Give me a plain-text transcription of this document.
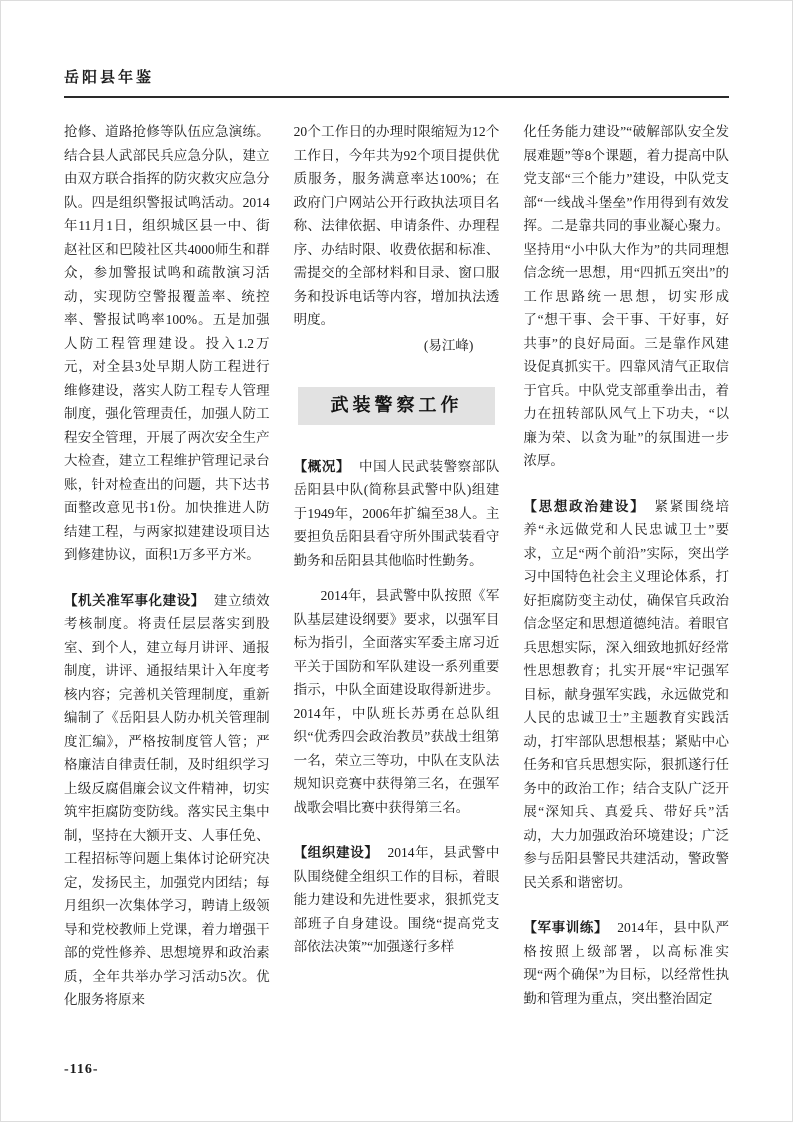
岳阳县年鉴

抢修、道路抢修等队伍应急演练。结合县人武部民兵应急分队，建立由双方联合指挥的防灾救灾应急分队。四是组织警报试鸣活动。2014年11月1日，组织城区县一中、街赵社区和巴陵社区共4000师生和群众，参加警报试鸣和疏散演习活动，实现防空警报覆盖率、统控率、警报试鸣率100%。五是加强人防工程管理建设。投入1.2万元，对全县3处早期人防工程进行维修建设，落实人防工程专人管理制度，强化管理责任，加强人防工程安全管理，开展了两次安全生产大检查，建立工程维护管理记录台账，针对检查出的问题，共下达书面整改意见书1份。加快推进人防结建工程，与两家拟建建设项目达到修建协议，面积1万多平方米。

【机关准军事化建设】 建立绩效考核制度。将责任层层落实到股室、到个人，建立每月讲评、通报制度，讲评、通报结果计入年度考核内容；完善机关管理制度，重新编制了《岳阳县人防办机关管理制度汇编》，严格按制度管人管；严格廉洁自律责任制，及时组织学习上级反腐倡廉会议文件精神，切实筑牢拒腐防变防线。落实民主集中制，坚持在大额开支、人事任免、工程招标等问题上集体讨论研究决定，发扬民主，加强党内团结；每月组织一次集体学习，聘请上级领导和党校教师上党课，着力增强干部的党性修养、思想境界和政治素质，全年共举办学习活动5次。优化服务将原来

20个工作日的办理时限缩短为12个工作日，今年共为92个项目提供优质服务，服务满意率达100%；在政府门户网站公开行政执法项目名称、法律依据、申请条件、办理程序、办结时限、收费依据和标准、需提交的全部材料和目录、窗口服务和投诉电话等内容，增加执法透明度。

(易江峰)

武装警察工作

【概况】 中国人民武装警察部队岳阳县中队(简称县武警中队)组建于1949年，2006年扩编至38人。主要担负岳阳县看守所外围武装看守勤务和岳阳县其他临时性勤务。

2014年，县武警中队按照《军队基层建设纲要》要求，以强军目标为指引，全面落实军委主席习近平关于国防和军队建设一系列重要指示，中队全面建设取得新进步。2014年，中队班长苏勇在总队组织“优秀四会政治教员”获战士组第一名，荣立三等功，中队在支队法规知识竞赛中获得第三名，在强军战歌会唱比赛中获得第三名。

【组织建设】 2014年，县武警中队围绕健全组织工作的目标，着眼能力建设和先进性要求，狠抓党支部班子自身建设。围绕“提高党支部依法决策”“加强遂行多样

化任务能力建设”“破解部队安全发展难题”等8个课题，着力提高中队党支部“三个能力”建设，中队党支部“一线战斗堡垒”作用得到有效发挥。二是靠共同的事业凝心聚力。坚持用“小中队大作为”的共同理想信念统一思想，用“四抓五突出”的工作思路统一思想，切实形成了“想干事、会干事、干好事，好共事”的良好局面。三是靠作风建设促真抓实干。四靠风清气正取信于官兵。中队党支部重拳出击，着力在扭转部队风气上下功夫，“以廉为荣、以贪为耻”的氛围进一步浓厚。

【思想政治建设】 紧紧围绕培养“永远做党和人民忠诚卫士”要求，立足“两个前沿”实际，突出学习中国特色社会主义理论体系，打好拒腐防变主动仗，确保官兵政治信念坚定和思想道德纯洁。着眼官兵思想实际，深入细致地抓好经常性思想教育；扎实开展“牢记强军目标，献身强军实践，永远做党和人民的忠诚卫士”主题教育实践活动，打牢部队思想根基；紧贴中心任务和官兵思想实际，狠抓遂行任务中的政治工作；结合支队广泛开展“深知兵、真爱兵、带好兵”活动，大力加强政治环境建设；广泛参与岳阳县警民共建活动，警政警民关系和谐密切。

【军事训练】 2014年，县中队严格按照上级部署，以高标准实现“两个确保”为目标，以经常性执勤和管理为重点，突出整治固定

-116-
